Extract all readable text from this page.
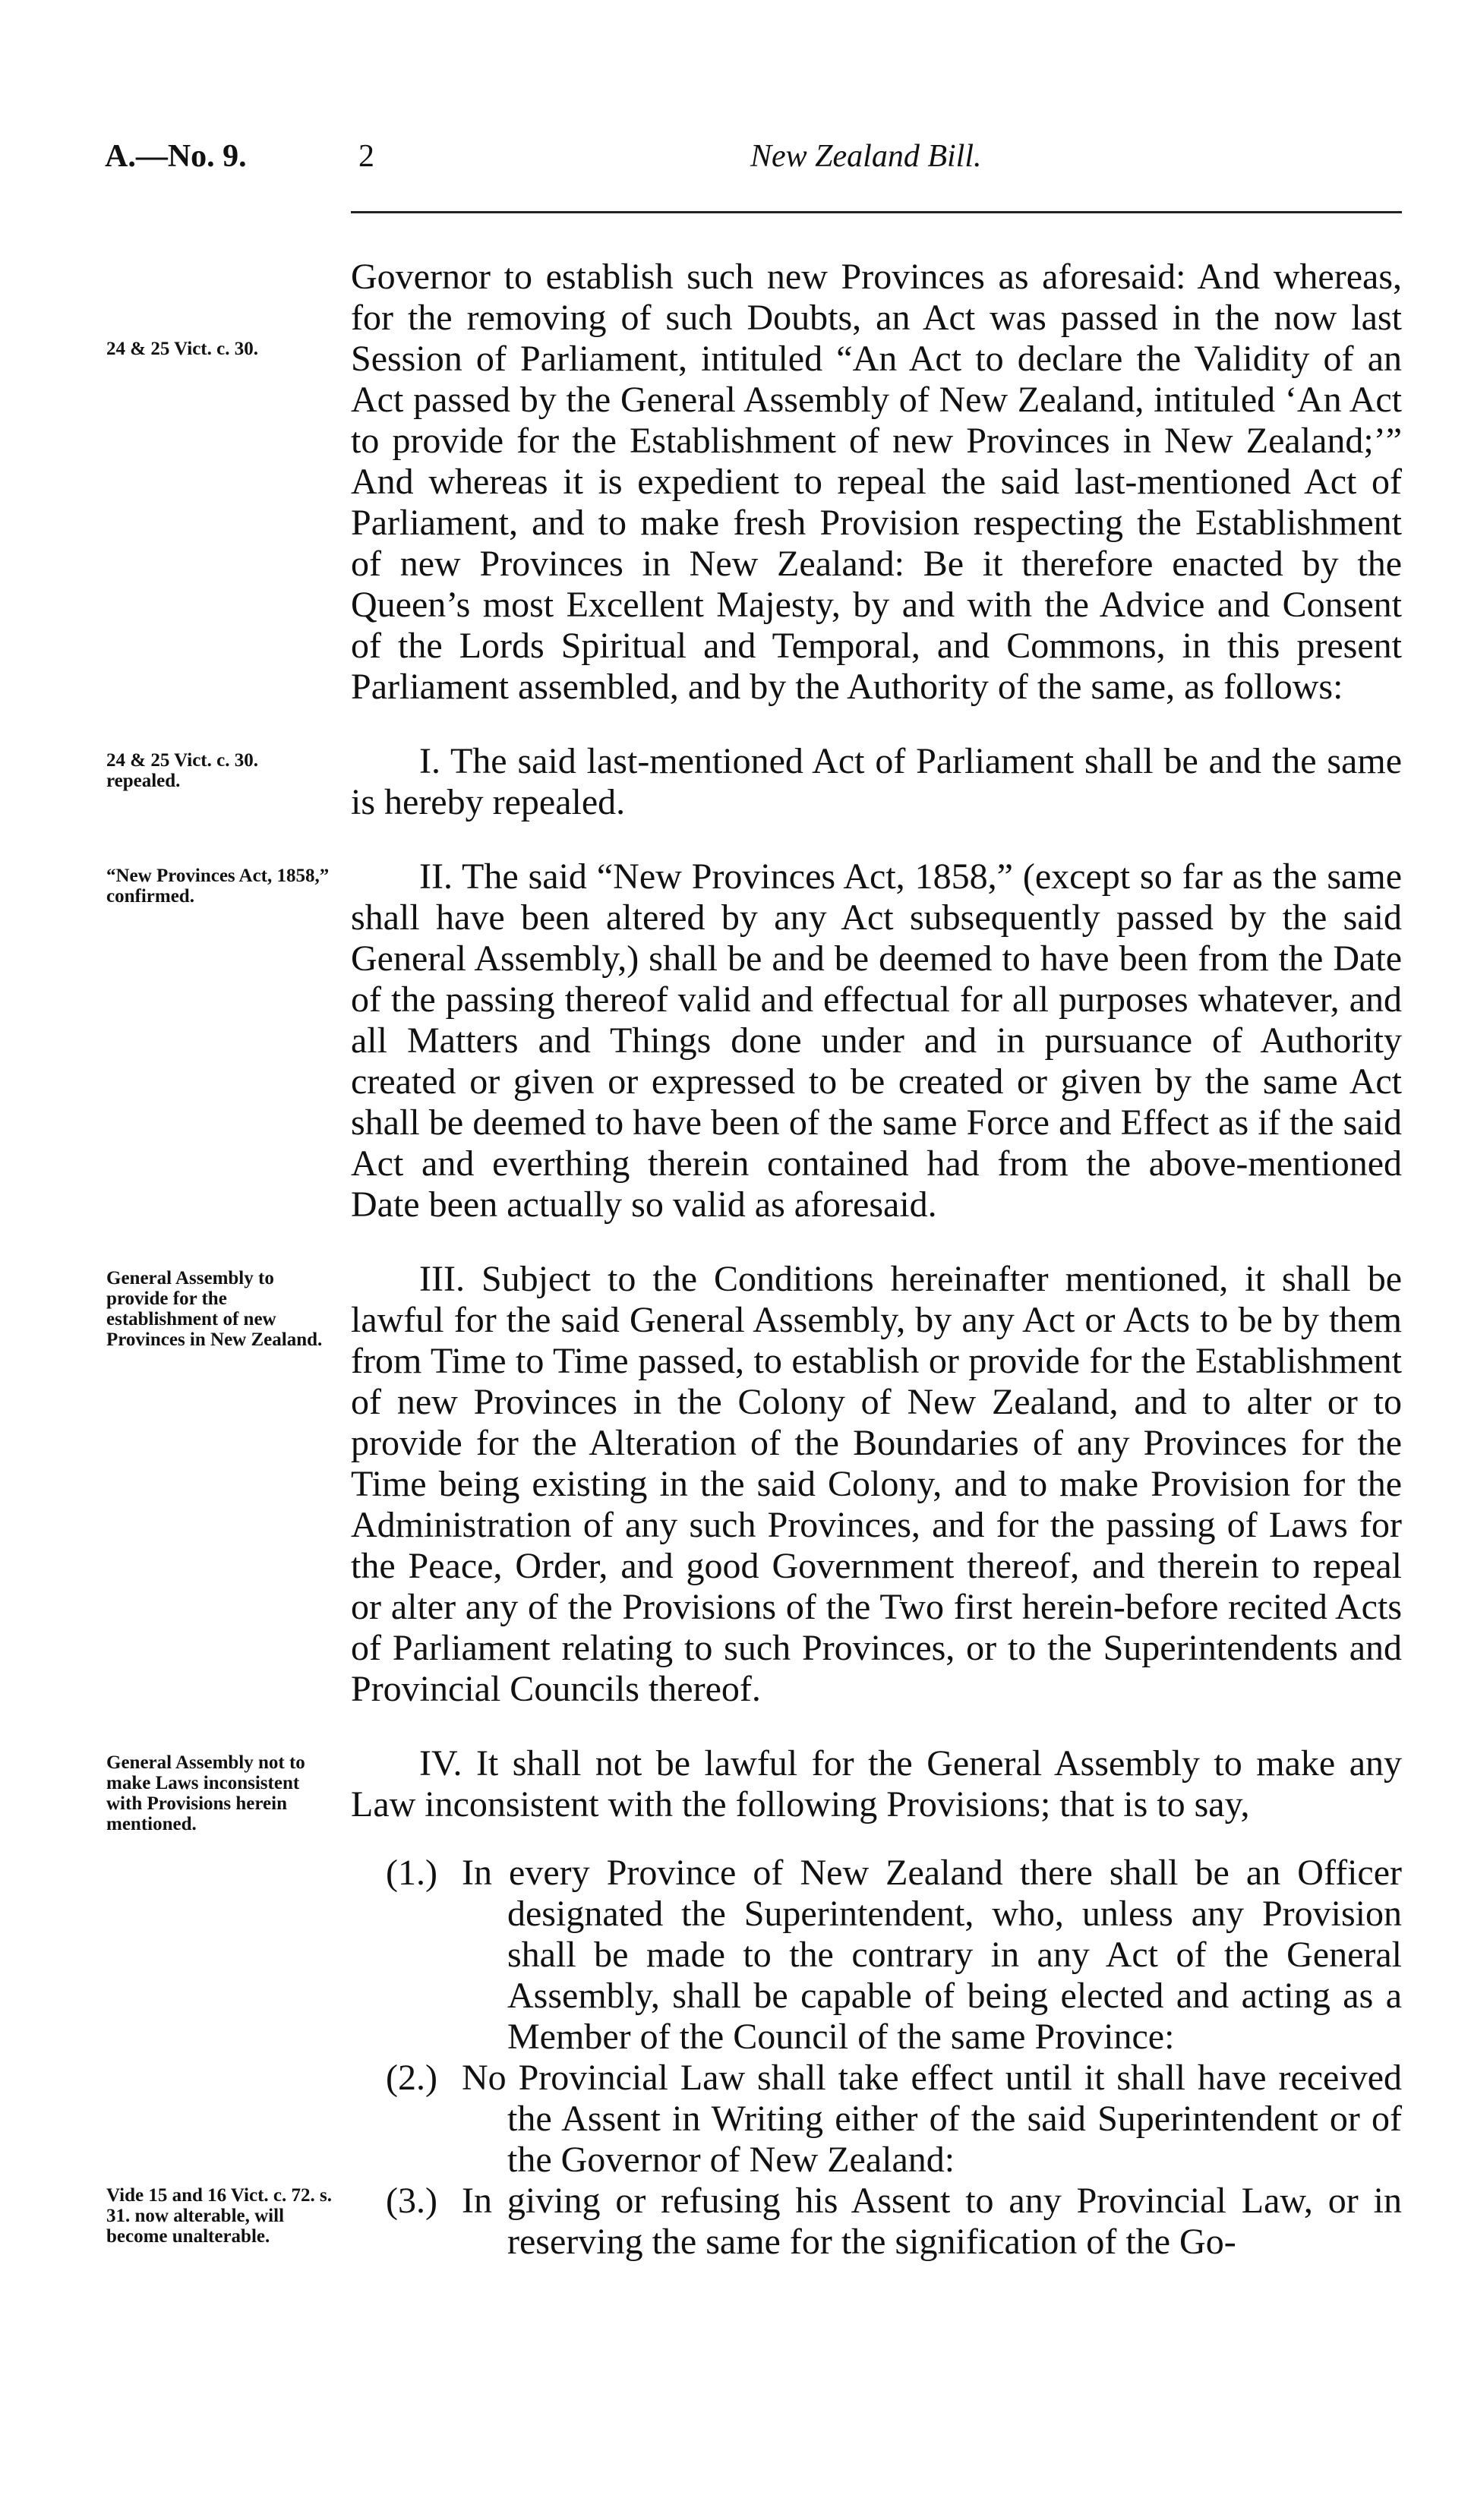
A.—No. 9.	2	New Zealand Bill.
24 & 25 Vict. c. 30.

Governor to establish such new Provinces as aforesaid: And whereas, for the removing of such Doubts, an Act was passed in the now last Session of Parliament, intituled “An Act to declare the Validity of an Act passed by the General Assembly of New Zealand, intituled ‘An Act to provide for the Establishment of new Provinces in New Zealand;’” And whereas it is expedient to repeal the said last-mentioned Act of Parliament, and to make fresh Provision respecting the Establishment of new Provinces in New Zealand: Be it therefore enacted by the Queen’s most Excellent Majesty, by and with the Advice and Consent of the Lords Spiritual and Temporal, and Commons, in this present Parliament assembled, and by the Authority of the same, as follows:

24 & 25 Vict. c. 30. repealed.	I. The said last-mentioned Act of Parliament shall be and the same is hereby repealed.

“New Provinces Act, 1858,” confirmed.	II. The said “New Provinces Act, 1858,” (except so far as the same shall have been altered by any Act subsequently passed by the said General Assembly,) shall be and be deemed to have been from the Date of the passing thereof valid and effectual for all purposes whatever, and all Matters and Things done under and in pursuance of Authority created or given or expressed to be created or given by the same Act shall be deemed to have been of the same Force and Effect as if the said Act and everthing therein contained had from the above-mentioned Date been actually so valid as aforesaid.

General Assembly to provide for the establishment of new Provinces in New Zealand.

III. Subject to the Conditions hereinafter mentioned, it shall be lawful for the said General Assembly, by any Act or Acts to be by them from Time to Time passed, to establish or provide for the Establishment of new Provinces in the Colony of New Zealand, and to alter or to provide for the Alteration of the Boundaries of any Provinces for the Time being existing in the said Colony, and to make Provision for the Administration of any such Provinces, and for the passing of Laws for the Peace, Order, and good Government thereof, and therein to repeal or alter any of the Provisions of the Two first herein-before recited Acts of Parliament relating to such Provinces, or to the Superintendents and Provincial Councils thereof.

General Assembly not to make Laws inconsistent with Provisions herein mentioned.

IV. It shall not be lawful for the General Assembly to make any Law inconsistent with the following Provisions; that is to say,

(1.) In every Province of New Zealand there shall be an Officer designated the Superintendent, who, unless any Provision shall be made to the contrary in any Act of the General Assembly, shall be capable of being elected and acting as a Member of the Council of the same Province:
(2.) No Provincial Law shall take effect until it shall have received the Assent in Writing either of the said Superintendent or of the Governor of New Zealand:
Vide 15 and 16 Vict. c. 72. s. 31. now alterable, will become unalterable.
(3.) In giving or refusing his Assent to any Provincial Law, or in reserving the same for the signification of the Go-
